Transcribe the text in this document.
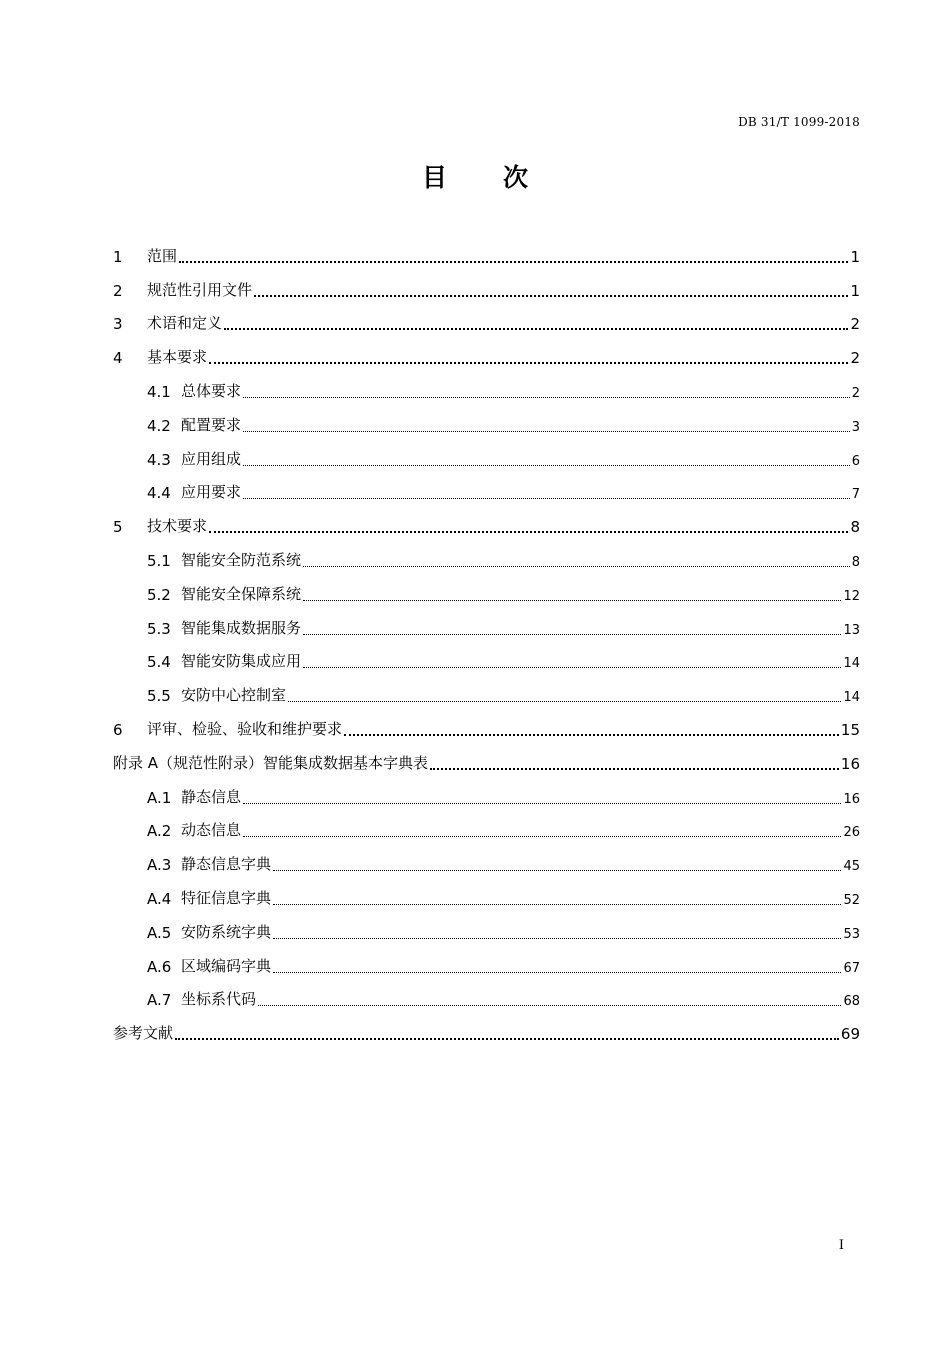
DB 31/T 1099-2018
目 次
1	范围	1
2	规范性引用文件	1
3	术语和定义	2
4	基本要求	2
4.1 总体要求	2
4.2 配置要求	3
4.3 应用组成	6
4.4 应用要求	7
5	技术要求	8
5.1 智能安全防范系统	8
5.2 智能安全保障系统	12
5.3 智能集成数据服务	13
5.4 智能安防集成应用	14
5.5 安防中心控制室	14
6	评审、检验、验收和维护要求	15
附录 A（规范性附录）智能集成数据基本字典表	16
A.1 静态信息	16
A.2 动态信息	26
A.3 静态信息字典	45
A.4 特征信息字典	52
A.5 安防系统字典	53
A.6 区域编码字典	67
A.7 坐标系代码	68
参考文献	69
I
